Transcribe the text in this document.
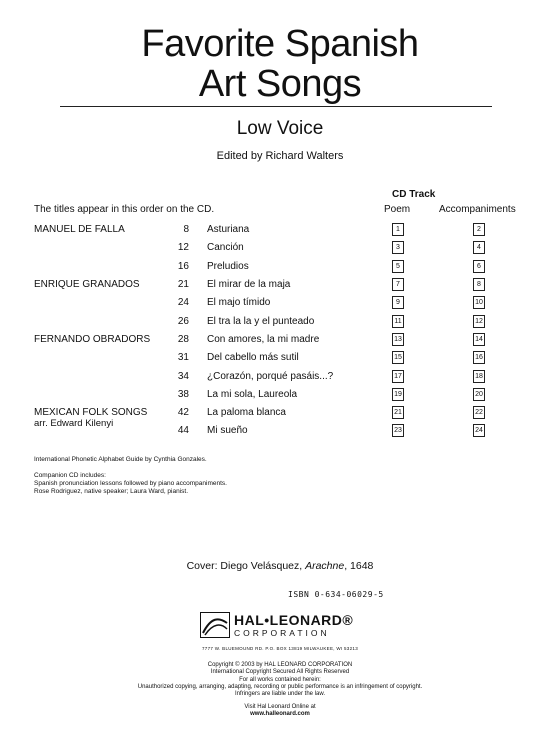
Favorite Spanish
Art Songs
Low Voice
Edited by Richard Walters
CD Track
The titles appear in this order on the CD.	Poem	Accompaniments
MANUEL DE FALLA	8 Asturiana	1	2
12 Canción	3	4
16 Preludios	5	6
ENRIQUE GRANADOS	21 El mirar de la maja	7	8
24 El majo tímido	9	10
26 El tra la la y el punteado	11	12
FERNANDO OBRADORS	28 Con amores, la mi madre	13	14
31 Del cabello más sutil	15	16
34 ¿Corazón, porqué pasáis...?	17	18
38 La mi sola, Laureola	19	20
MEXICAN FOLK SONGS
arr. Edward Kilenyi
42 La paloma blanca	21	22
44 Mi sueño	23	24
International Phonetic Alphabet Guide by Cynthia Gonzales.
Companion CD includes:
Spanish pronunciation lessons followed by piano accompaniments.
Rose Rodriguez, native speaker; Laura Ward, pianist.
Cover: Diego Velásquez, Arachne, 1648
ISBN 0-634-06029-5
HAL•LEONARD®
CORPORATION
7777 W. BLUEMOUND RD. P.O. BOX 13819 MILWAUKEE, WI 53213
Copyright © 2003 by HAL LEONARD CORPORATION
International Copyright Secured All Rights Reserved
For all works contained herein:
Unauthorized copying, arranging, adapting, recording or public performance is an infringement of copyright.
Infringers are liable under the law.
Visit Hal Leonard Online at
www.halleonard.com
